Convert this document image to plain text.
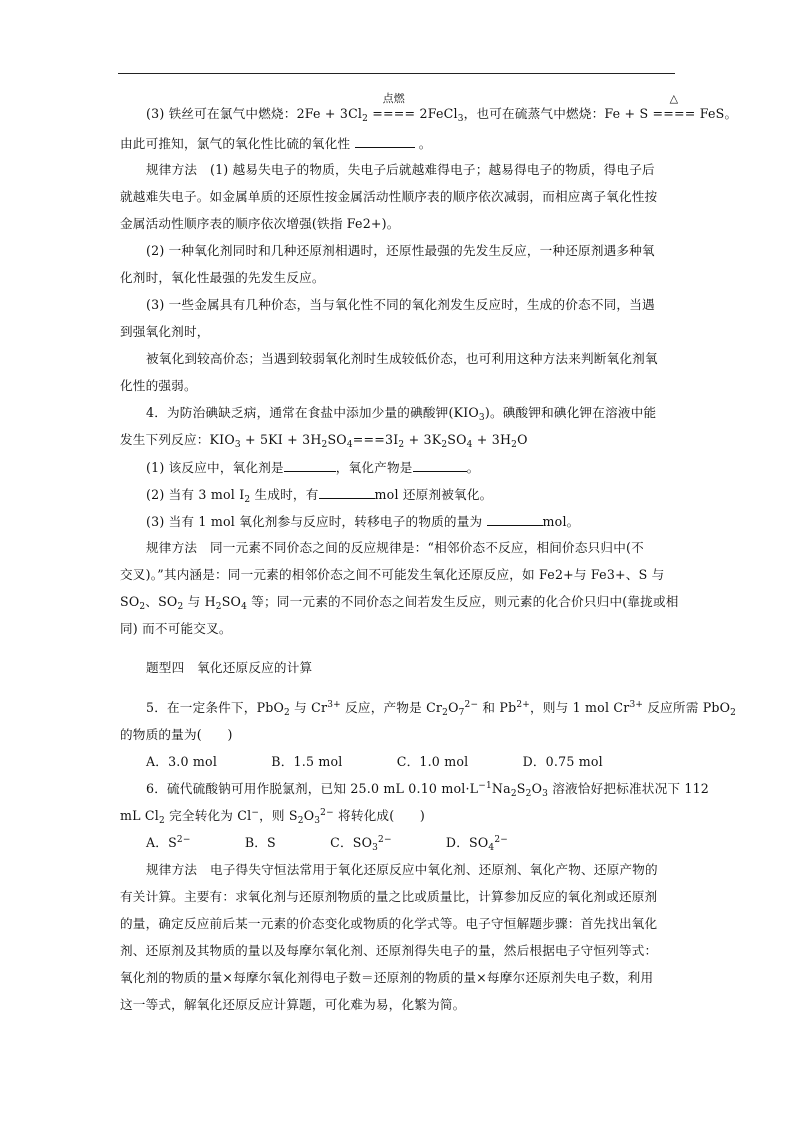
(3) 铁丝可在氯气中燃烧：$2Fe + 3Cl_2$
点燃
==== 2FeCl$_3$，也可在硫蒸气中燃烧：Fe + S
△
==== FeS。
由此可推知，氯气的氧化性比硫的氧化性	。
规律方法　(1) 越易失电子的物质，失电子后就越难得电子；越易得电子的物质，得电子后
就越难失电子。如金属单质的还原性按金属活动性顺序表的顺序依次减弱，而相应离子氧化性按
金属活动性顺序表的顺序依次增强(铁指 Fe2+)。
(2) 一种氧化剂同时和几种还原剂相遇时，还原性最强的先发生反应，一种还原剂遇多种氧
化剂时，氧化性最强的先发生反应。
(3) 一些金属具有几种价态，当与氧化性不同的氧化剂发生反应时，生成的价态不同，当遇
到强氧化剂时，
被氧化到较高价态；当遇到较弱氧化剂时生成较低价态，也可利用这种方法来判断氧化剂氧
化性的强弱。
4．为防治碘缺乏病，通常在食盐中添加少量的碘酸钾$(KIO_3)$。碘酸钾和碘化钾在溶液中能
发生下列反应：$KIO_3 + 5KI + 3H_2SO_4===3I_2 + 3K_2SO_4 + 3H_2O$
(1) 该反应中，氧化剂是	，氧化产物是	。
(2) 当有 3 mol $I_2$ 生成时，有	mol 还原剂被氧化。
(3) 当有 1 mol 氧化剂参与反应时，转移电子的物质的量为	mol。
规律方法　同一元素不同价态之间的反应规律是：“相邻价态不反应，相间价态只归中(不
交叉)。”其内涵是：同一元素的相邻价态之间不可能发生氧化还原反应，如 Fe2+与 Fe3+、S 与
$SO_2$、$SO_2$ 与 $H_2SO_4$ 等；同一元素的不同价态之间若发生反应，则元素的化合价只归中(靠拢或相
同) 而不可能交叉。
题型四　氧化还原反应的计算
5．在一定条件下，PbO$_2$ 与 $Cr^{3+}$ 反应，产物是 $Cr_2O_7^{2-}$ 和 $Pb^{2+}$，则与 1 mol $Cr^{3+}$ 反应所需 PbO$_2$
的物质的量为(　　)
A．3.0 mol	B．1.5 mol	C．1.0 mol	D．0.75 mol
6．硫代硫酸钠可用作脱氯剂，已知 25.0 mL 0.10 $mol\cdot L^{-1}Na_2S_2O_3$ 溶液恰好把标准状况下 112
mL $Cl_2$ 完全转化为 Cl−，则 $S_2O_3^{2-}$ 将转化成(　　)
A．$S^{2-}$	B．S	C．$SO_3^{2-}$	D．$SO_4^{2-}$
规律方法　电子得失守恒法常用于氧化还原反应中氧化剂、还原剂、氧化产物、还原产物的
有关计算。主要有：求氧化剂与还原剂物质的量之比或质量比，计算参加反应的氧化剂或还原剂
的量，确定反应前后某一元素的价态变化或物质的化学式等。电子守恒解题步骤：首先找出氧化
剂、还原剂及其物质的量以及每摩尔氧化剂、还原剂得失电子的量，然后根据电子守恒列等式：
氧化剂的物质的量×每摩尔氧化剂得电子数＝还原剂的物质的量×每摩尔还原剂失电子数，利用
这一等式，解氧化还原反应计算题，可化难为易，化繁为简。
